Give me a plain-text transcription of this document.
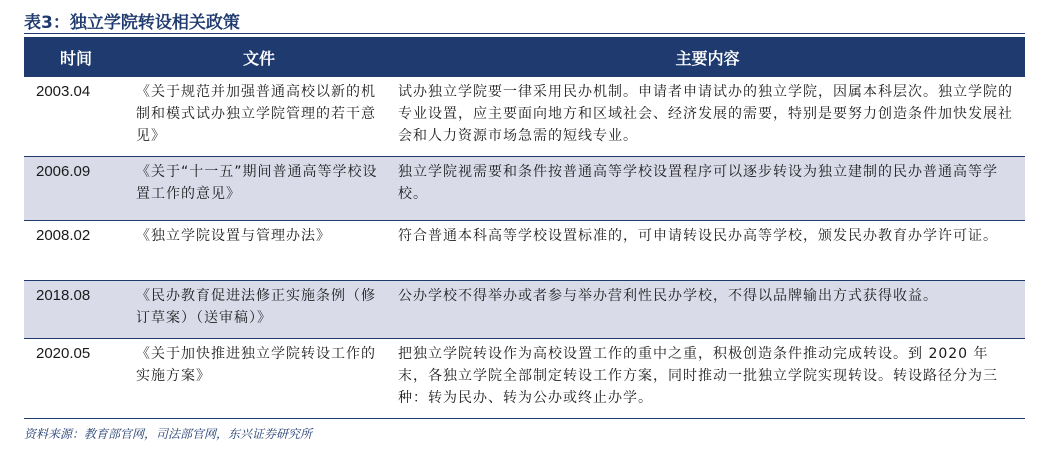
表3：独立学院转设相关政策
时间	文件	主要内容
2003.04	《关于规范并加强普通高校以新的机制和模式试办独立学院管理的若干意见》	试办独立学院要一律采用民办机制。申请者申请试办的独立学院，因属本科层次。独立学院的专业设置，应主要面向地方和区域社会、经济发展的需要，特别是要努力创造条件加快发展社会和人力资源市场急需的短线专业。
2006.09	《关于“十一五”期间普通高等学校设置工作的意见》	独立学院视需要和条件按普通高等学校设置程序可以逐步转设为独立建制的民办普通高等学校。
2008.02	《独立学院设置与管理办法》	符合普通本科高等学校设置标准的，可申请转设民办高等学校，颁发民办教育办学许可证。
2018.08	《民办教育促进法修正实施条例（修订草案）（送审稿）》	公办学校不得举办或者参与举办营利性民办学校，不得以品牌输出方式获得收益。
2020.05	《关于加快推进独立学院转设工作的实施方案》	把独立学院转设作为高校设置工作的重中之重，积极创造条件推动完成转设。到 2020 年末，各独立学院全部制定转设工作方案，同时推动一批独立学院实现转设。转设路径分为三种：转为民办、转为公办或终止办学。
资料来源：教育部官网，司法部官网，东兴证券研究所
